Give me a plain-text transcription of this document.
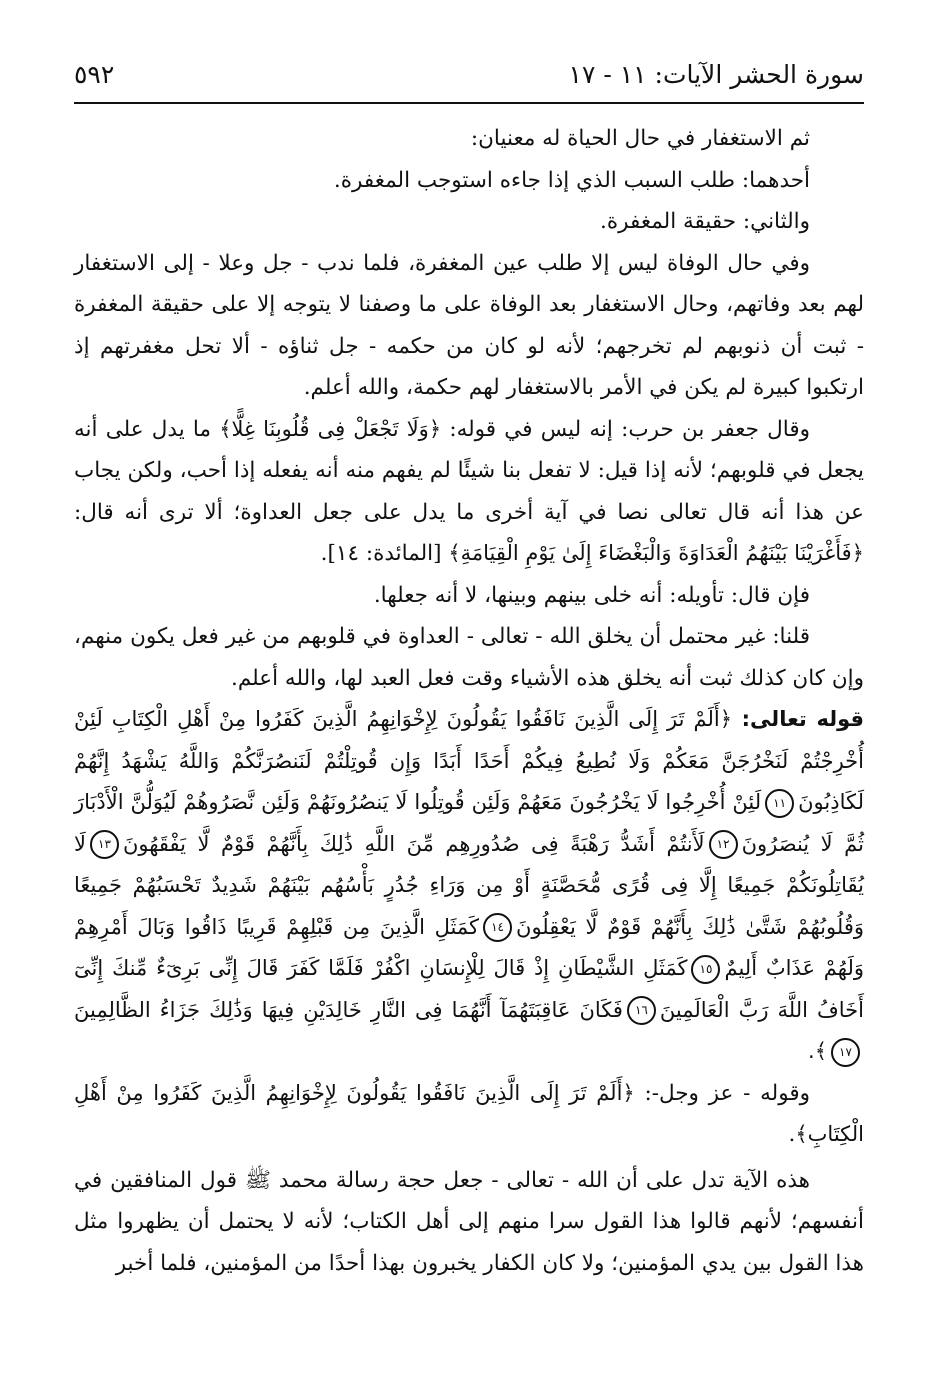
سورة الحشر الآيات: ١١ - ١٧
٥٩٢

ثم الاستغفار في حال الحياة له معنيان:

أحدهما: طلب السبب الذي إذا جاءه استوجب المغفرة.

والثاني: حقيقة المغفرة.

وفي حال الوفاة ليس إلا طلب عين المغفرة، فلما ندب - جل وعلا - إلى الاستغفار لهم بعد وفاتهم، وحال الاستغفار بعد الوفاة على ما وصفنا لا يتوجه إلا على حقيقة المغفرة - ثبت أن ذنوبهم لم تخرجهم؛ لأنه لو كان من حكمه - جل ثناؤه - ألا تحل مغفرتهم إذ ارتكبوا كبيرة لم يكن في الأمر بالاستغفار لهم حكمة، والله أعلم.

وقال جعفر بن حرب: إنه ليس في قوله: ﴿وَلَا تَجْعَلْ فِى قُلُوبِنَا غِلًّا﴾ ما يدل على أنه يجعل في قلوبهم؛ لأنه إذا قيل: لا تفعل بنا شيئًا لم يفهم منه أنه يفعله إذا أحب، ولكن يجاب عن هذا أنه قال تعالى نصا في آية أخرى ما يدل على جعل العداوة؛ ألا ترى أنه قال: ﴿فَأَغْرَيْنَا بَيْنَهُمُ الْعَدَاوَةَ وَالْبَغْضَاءَ إِلَىٰ يَوْمِ الْقِيَامَةِ﴾ [المائدة: ١٤].

فإن قال: تأويله: أنه خلى بينهم وبينها، لا أنه جعلها.

قلنا: غير محتمل أن يخلق الله - تعالى - العداوة في قلوبهم من غير فعل يكون منهم، وإن كان كذلك ثبت أنه يخلق هذه الأشياء وقت فعل العبد لها، والله أعلم.

قوله تعالى: ﴿أَلَمْ تَرَ إِلَى الَّذِينَ نَافَقُوا يَقُولُونَ لِإِخْوَانِهِمُ الَّذِينَ كَفَرُوا مِنْ أَهْلِ الْكِتَابِ لَئِنْ أُخْرِجْتُمْ لَنَخْرُجَنَّ مَعَكُمْ وَلَا نُطِيعُ فِيكُمْ أَحَدًا أَبَدًا وَإِن قُوتِلْتُمْ لَنَنصُرَنَّكُمْ وَاللَّهُ يَشْهَدُ إِنَّهُمْ لَكَاذِبُونَ١١لَئِنْ أُخْرِجُوا لَا يَخْرُجُونَ مَعَهُمْ وَلَئِن قُوتِلُوا لَا يَنصُرُونَهُمْ وَلَئِن نَّصَرُوهُمْ لَيُوَلُّنَّ الْأَدْبَارَ ثُمَّ لَا يُنصَرُونَ١٢لَأَنتُمْ أَشَدُّ رَهْبَةً فِى صُدُورِهِم مِّنَ اللَّهِ ذَٰلِكَ بِأَنَّهُمْ قَوْمٌ لَّا يَفْقَهُونَ١٣لَا يُقَاتِلُونَكُمْ جَمِيعًا إِلَّا فِى قُرًى مُّحَصَّنَةٍ أَوْ مِن وَرَاءِ جُدُرٍ بَأْسُهُم بَيْنَهُمْ شَدِيدٌ تَحْسَبُهُمْ جَمِيعًا وَقُلُوبُهُمْ شَتَّىٰ ذَٰلِكَ بِأَنَّهُمْ قَوْمٌ لَّا يَعْقِلُونَ١٤كَمَثَلِ الَّذِينَ مِن قَبْلِهِمْ قَرِيبًا ذَاقُوا وَبَالَ أَمْرِهِمْ وَلَهُمْ عَذَابٌ أَلِيمٌ١٥كَمَثَلِ الشَّيْطَانِ إِذْ قَالَ لِلْإِنسَانِ اكْفُرْ فَلَمَّا كَفَرَ قَالَ إِنِّى بَرِىٓءٌ مِّنكَ إِنِّىٓ أَخَافُ اللَّهَ رَبَّ الْعَالَمِينَ١٦فَكَانَ عَاقِبَتَهُمَآ أَنَّهُمَا فِى النَّارِ خَالِدَيْنِ فِيهَا وَذَٰلِكَ جَزَاءُ الظَّالِمِينَ١٧﴾.

وقوله - عز وجل-: ﴿أَلَمْ تَرَ إِلَى الَّذِينَ نَافَقُوا يَقُولُونَ لِإِخْوَانِهِمُ الَّذِينَ كَفَرُوا مِنْ أَهْلِ الْكِتَابِ﴾.

هذه الآية تدل على أن الله - تعالى - جعل حجة رسالة محمد ﷺ قول المنافقين في أنفسهم؛ لأنهم قالوا هذا القول سرا منهم إلى أهل الكتاب؛ لأنه لا يحتمل أن يظهروا مثل هذا القول بين يدي المؤمنين؛ ولا كان الكفار يخبرون بهذا أحدًا من المؤمنين، فلما أخبر
